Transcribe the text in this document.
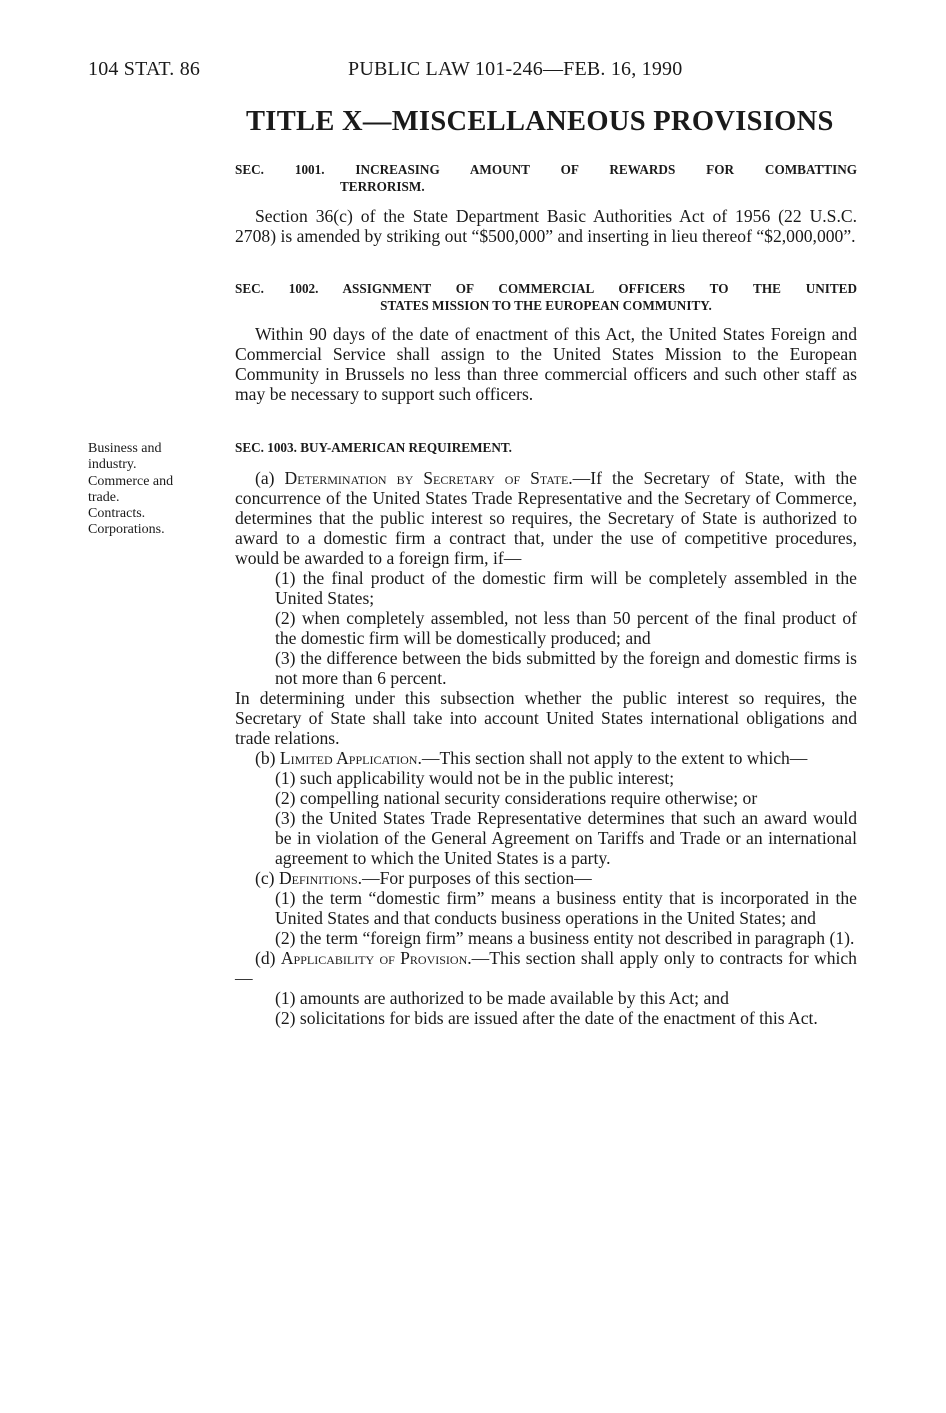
104 STAT. 86	PUBLIC LAW 101-246—FEB. 16, 1990
TITLE X—MISCELLANEOUS PROVISIONS
Business and
industry.
Commerce and
trade.
Contracts.
Corporations.
SEC. 1001. INCREASING AMOUNT OF REWARDS FOR COMBATTING
TERRORISM.

Section 36(c) of the State Department Basic Authorities Act of 1956 (22 U.S.C. 2708) is amended by striking out “$500,000” and inserting in lieu thereof “$2,000,000”.

SEC. 1002. ASSIGNMENT OF COMMERCIAL OFFICERS TO THE UNITED
STATES MISSION TO THE EUROPEAN COMMUNITY.

Within 90 days of the date of enactment of this Act, the United States Foreign and Commercial Service shall assign to the United States Mission to the European Community in Brussels no less than three commercial officers and such other staff as may be necessary to support such officers.

SEC. 1003. BUY-AMERICAN REQUIREMENT.

(a) Determination by Secretary of State.—If the Secretary of State, with the concurrence of the United States Trade Representative and the Secretary of Commerce, determines that the public interest so requires, the Secretary of State is authorized to award to a domestic firm a contract that, under the use of competitive procedures, would be awarded to a foreign firm, if—

(1) the final product of the domestic firm will be completely assembled in the United States;

(2) when completely assembled, not less than 50 percent of the final product of the domestic firm will be domestically produced; and

(3) the difference between the bids submitted by the foreign and domestic firms is not more than 6 percent.

In determining under this subsection whether the public interest so requires, the Secretary of State shall take into account United States international obligations and trade relations.

(b) Limited Application.—This section shall not apply to the extent to which—

(1) such applicability would not be in the public interest;

(2) compelling national security considerations require otherwise; or

(3) the United States Trade Representative determines that such an award would be in violation of the General Agreement on Tariffs and Trade or an international agreement to which the United States is a party.

(c) Definitions.—For purposes of this section—

(1) the term “domestic firm” means a business entity that is incorporated in the United States and that conducts business operations in the United States; and

(2) the term “foreign firm” means a business entity not described in paragraph (1).

(d) Applicability of Provision.—This section shall apply only to contracts for which—

(1) amounts are authorized to be made available by this Act; and

(2) solicitations for bids are issued after the date of the enactment of this Act.
